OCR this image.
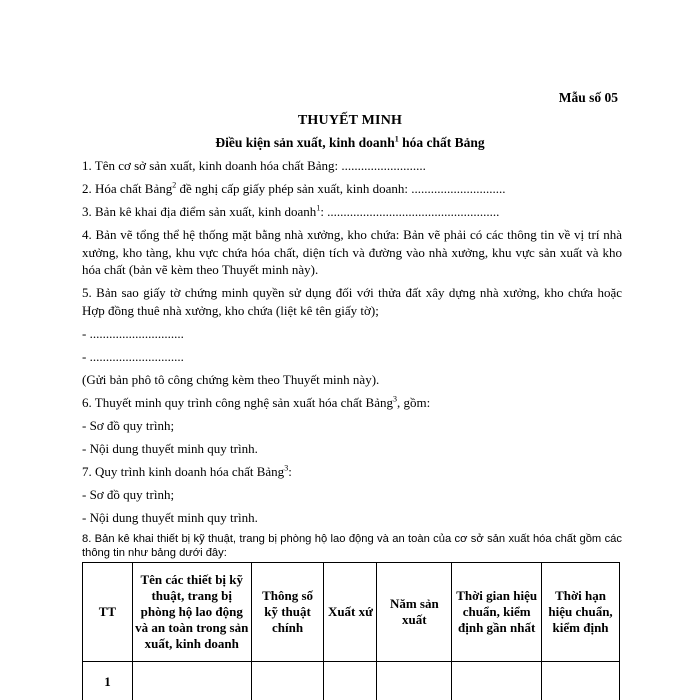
Mẫu số 05
THUYẾT MINH
Điều kiện sản xuất, kinh doanh$^1$ hóa chất Bảng

1. Tên cơ sở sản xuất, kinh doanh hóa chất Bảng: ..........................

2. Hóa chất Bảng$^2$ đề nghị cấp giấy phép sản xuất, kinh doanh: .............................

3. Bản kê khai địa điểm sản xuất, kinh doanh$^1$: .....................................................

4. Bản vẽ tổng thể hệ thống mặt bằng nhà xưởng, kho chứa: Bản vẽ phải có các thông tin về vị trí nhà xưởng, kho tàng, khu vực chứa hóa chất, diện tích và đường vào nhà xưởng, khu vực sản xuất và kho hóa chất (bản vẽ kèm theo Thuyết minh này).

5. Bản sao giấy tờ chứng minh quyền sử dụng đối với thửa đất xây dựng nhà xưởng, kho chứa hoặc Hợp đồng thuê nhà xưởng, kho chứa (liệt kê tên giấy tờ);

- .............................

- .............................

(Gửi bản phô tô công chứng kèm theo Thuyết minh này).

6. Thuyết minh quy trình công nghệ sản xuất hóa chất Bảng$^3$, gồm:

- Sơ đồ quy trình;

- Nội dung thuyết minh quy trình.

7. Quy trình kinh doanh hóa chất Bảng$^3$:

- Sơ đồ quy trình;

- Nội dung thuyết minh quy trình.

8. Bản kê khai thiết bị kỹ thuật, trang bị phòng hộ lao động và an toàn của cơ sở sản xuất hóa chất gồm các thông tin như bảng dưới đây:

TT	Tên các thiết bị kỹ thuật, trang bị phòng hộ lao động và an toàn trong sản xuất, kinh doanh	Thông số kỹ thuật chính	Xuất xứ	Năm sản xuất	Thời gian hiệu chuẩn, kiểm định gần nhất	Thời hạn hiệu chuẩn, kiểm định
1						
